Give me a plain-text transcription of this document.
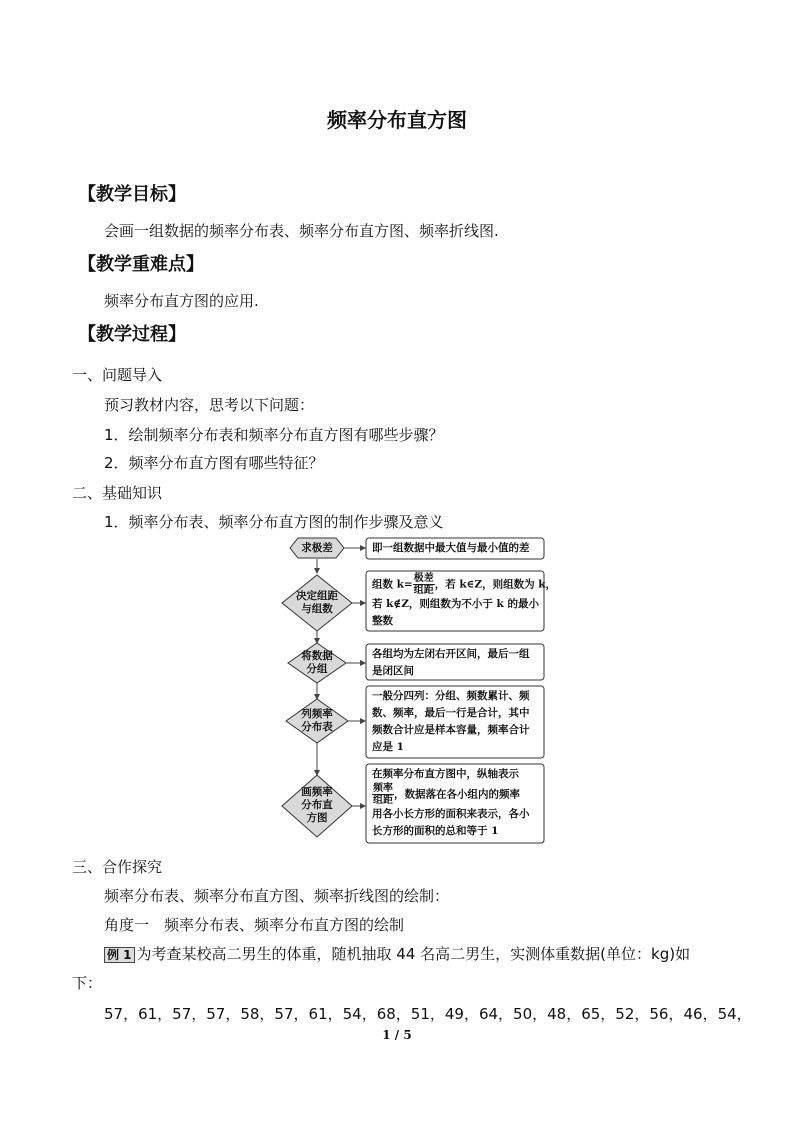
频率分布直方图
【教学目标】
会画一组数据的频率分布表、频率分布直方图、频率折线图.
【教学重难点】
频率分布直方图的应用.
【教学过程】
一、问题导入
预习教材内容，思考以下问题：
1．绘制频率分布表和频率分布直方图有哪些步骤？
2．频率分布直方图有哪些特征？
二、基础知识
1．频率分布表、频率分布直方图的制作步骤及意义
求极差
决定组距
与组数
将数据
分组
列频率
分布表
画频率
分布直
方图
即一组数据中最大值与最小值的差
组数 $k= \frac{\text{极差}}{\text{组距}}$ ，若 k∈Z，则组数为 k，
若 k∉Z，则组数为不小于 k 的最小
整数
各组均为左闭右开区间，最后一组
是闭区间
一般分四列：分组、频数累计、频
数、频率，最后一行是合计，其中
频数合计应是样本容量，频率合计
应是 1
在频率分布直方图中，纵轴表示
$\frac{\text{频率}}{\text{组距}}$ ，数据落在各小组内的频率
用各小长方形的面积来表示，各小
长方形的面积的总和等于 1
三、合作探究
频率分布表、频率分布直方图、频率折线图的绘制：
角度一　频率分布表、频率分布直方图的绘制
例 1 为考查某校高二男生的体重，随机抽取 44 名高二男生，实测体重数据(单位：kg)如
下：
57，61，57，57，58，57，61，54，68，51，49，64，50，48，65，52，56，46，54，
1 / 5
